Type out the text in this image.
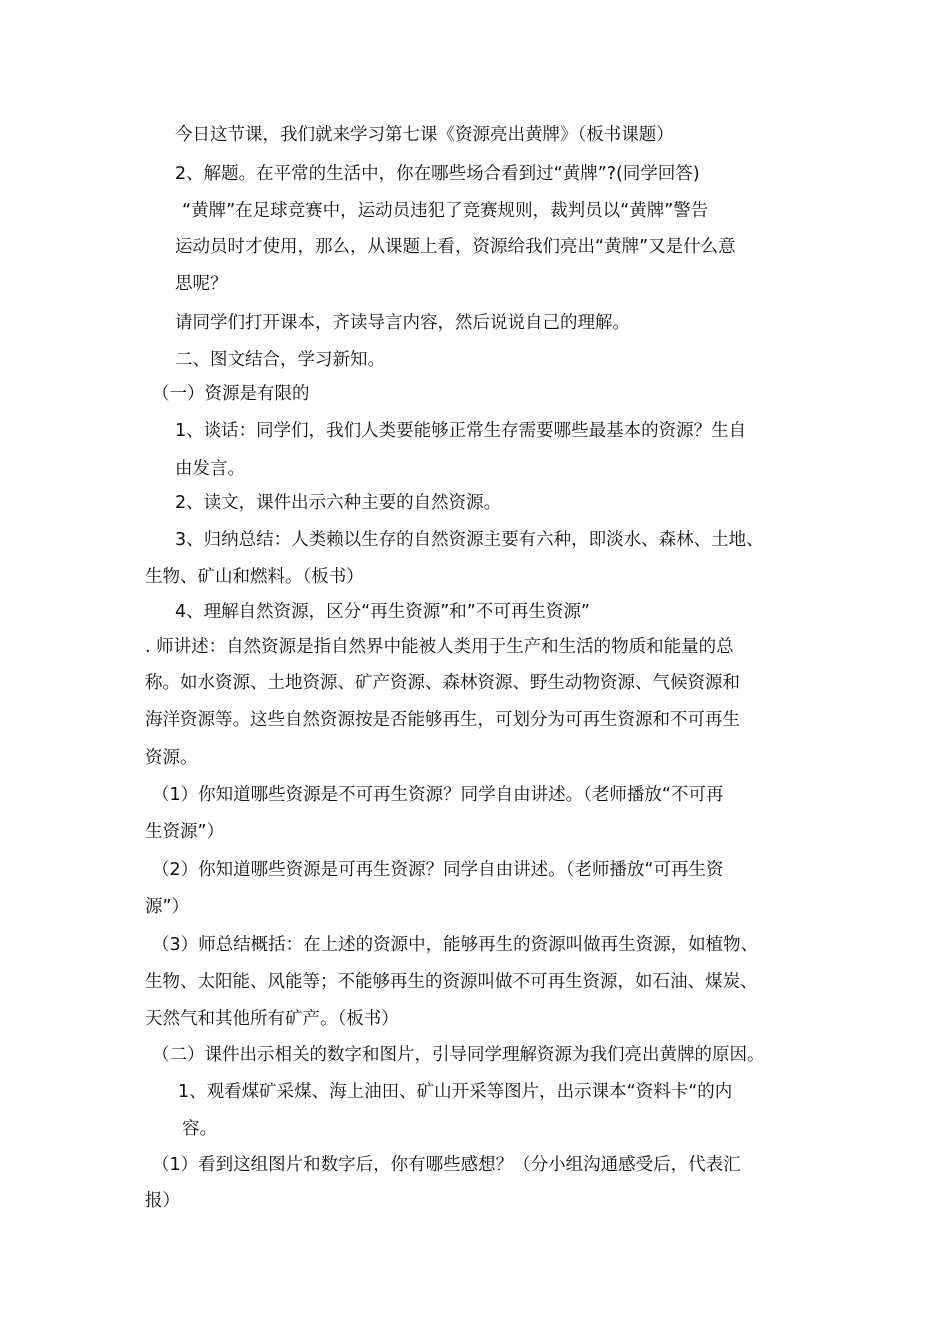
今日这节课，我们就来学习第七课《资源亮出黄牌》（板书课题）
2、解题。在平常的生活中，你在哪些场合看到过“黄牌”?(同学回答)
“黄牌”在足球竞赛中，运动员违犯了竞赛规则，裁判员以“黄牌”警告
运动员时才使用，那么，从课题上看，资源给我们亮出“黄牌”又是什么意
思呢？
请同学们打开课本，齐读导言内容，然后说说自己的理解。
二、图文结合，学习新知。
（一）资源是有限的
1、谈话：同学们，我们人类要能够正常生存需要哪些最基本的资源？生自
由发言。
2、读文，课件出示六种主要的自然资源。
3、归纳总结：人类赖以生存的自然资源主要有六种，即淡水、森林、土地、
生物、矿山和燃料。（板书）
4、理解自然资源，区分“再生资源”和”不可再生资源”
. 师讲述：自然资源是指自然界中能被人类用于生产和生活的物质和能量的总
称。如水资源、土地资源、矿产资源、森林资源、野生动物资源、气候资源和
海洋资源等。这些自然资源按是否能够再生，可划分为可再生资源和不可再生
资源。
（1）你知道哪些资源是不可再生资源？同学自由讲述。（老师播放“不可再
生资源”）
（2）你知道哪些资源是可再生资源？同学自由讲述。（老师播放“可再生资
源”）
（3）师总结概括：在上述的资源中，能够再生的资源叫做再生资源，如植物、
生物、太阳能、风能等；不能够再生的资源叫做不可再生资源，如石油、煤炭、
天然气和其他所有矿产。（板书）
（二）课件出示相关的数字和图片，引导同学理解资源为我们亮出黄牌的原因。
1、观看煤矿采煤、海上油田、矿山开采等图片，出示课本“资料卡“的内
容。
（1）看到这组图片和数字后，你有哪些感想？（分小组沟通感受后，代表汇
报）
